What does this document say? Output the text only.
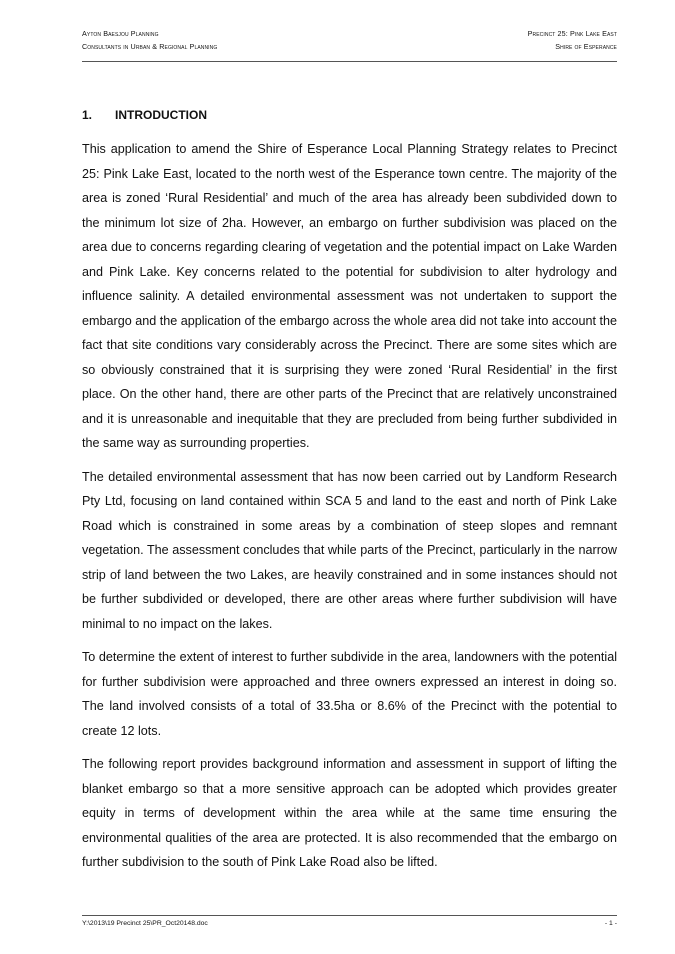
Ayton Baesjou Planning
Consultants in Urban & Regional Planning
Precinct 25: Pink Lake East
Shire of Esperance
1. INTRODUCTION

This application to amend the Shire of Esperance Local Planning Strategy relates to Precinct 25: Pink Lake East, located to the north west of the Esperance town centre. The majority of the area is zoned ‘Rural Residential’ and much of the area has already been subdivided down to the minimum lot size of 2ha. However, an embargo on further subdivision was placed on the area due to concerns regarding clearing of vegetation and the potential impact on Lake Warden and Pink Lake. Key concerns related to the potential for subdivision to alter hydrology and influence salinity. A detailed environmental assessment was not undertaken to support the embargo and the application of the embargo across the whole area did not take into account the fact that site conditions vary considerably across the Precinct. There are some sites which are so obviously constrained that it is surprising they were zoned ‘Rural Residential’ in the first place. On the other hand, there are other parts of the Precinct that are relatively unconstrained and it is unreasonable and inequitable that they are precluded from being further subdivided in the same way as surrounding properties.

The detailed environmental assessment that has now been carried out by Landform Research Pty Ltd, focusing on land contained within SCA 5 and land to the east and north of Pink Lake Road which is constrained in some areas by a combination of steep slopes and remnant vegetation. The assessment concludes that while parts of the Precinct, particularly in the narrow strip of land between the two Lakes, are heavily constrained and in some instances should not be further subdivided or developed, there are other areas where further subdivision will have minimal to no impact on the lakes.

To determine the extent of interest to further subdivide in the area, landowners with the potential for further subdivision were approached and three owners expressed an interest in doing so. The land involved consists of a total of 33.5ha or 8.6% of the Precinct with the potential to create 12 lots.

The following report provides background information and assessment in support of lifting the blanket embargo so that a more sensitive approach can be adopted which provides greater equity in terms of development within the area while at the same time ensuring the environmental qualities of the area are protected. It is also recommended that the embargo on further subdivision to the south of Pink Lake Road also be lifted.

Y:\2013\19 Precinct 25\PR_Oct20148.doc	- 1 -
